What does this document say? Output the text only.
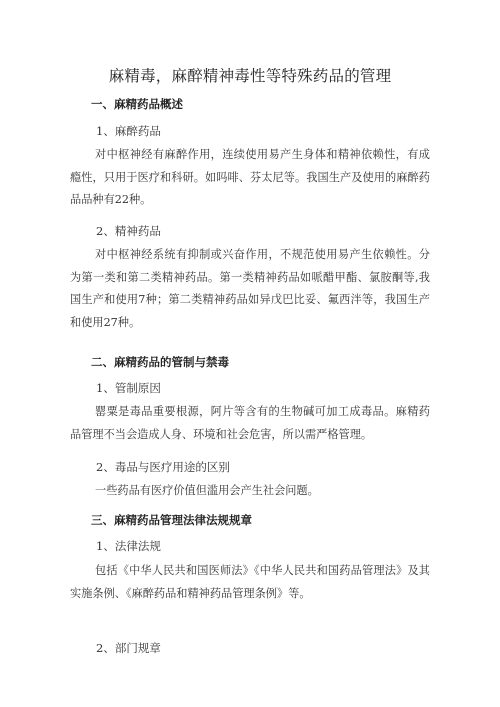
麻精毒，麻醉精神毒性等特殊药品的管理
一、麻精药品概述
1、麻醉药品

对中枢神经有麻醉作用，连续使用易产生身体和精神依赖性，有成瘾性，只用于医疗和科研。如吗啡、芬太尼等。我国生产及使用的麻醉药品品种有22种。

2、精神药品

对中枢神经系统有抑制或兴奋作用，不规范使用易产生依赖性。分为第一类和第二类精神药品。第一类精神药品如哌醋甲酯、氯胺酮等,我国生产和使用7种；第二类精神药品如异戊巴比妥、氟西泮等，我国生产和使用27种。

二、麻精药品的管制与禁毒
1、管制原因

罂粟是毒品重要根源，阿片等含有的生物碱可加工成毒品。麻精药品管理不当会造成人身、环境和社会危害，所以需严格管理。

2、毒品与医疗用途的区别

一些药品有医疗价值但滥用会产生社会问题。

三、麻精药品管理法律法规规章
1、法律法规

包括《中华人民共和国医师法》《中华人民共和国药品管理法》及其实施条例、《麻醉药品和精神药品管理条例》等。

2、部门规章
